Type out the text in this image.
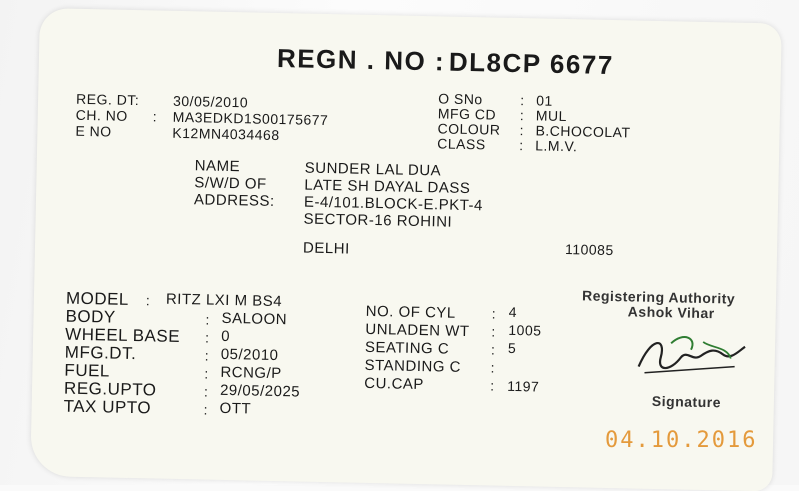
REGN . NO : DL8CP 6677
REG. DT: 30/05/2010
CH. NO : MA3EDKD1S00175677
E NO	K12MN4034468
O SNo	: 01
MFG CD : MUL
COLOUR : B.CHOCOLAT
CLASS : L.M.V.
NAME	SUNDER LAL DUA
S/W/D OF LATE SH DAYAL DASS
ADDRESS: E-4/101.BLOCK-E.PKT-4
SECTOR-16 ROHINI
DELHI	110085
MODEL : RITZ LXI M BS4
BODY	: SALOON
WHEEL BASE : 0
MFG.DT.	: 05/2010
FUEL	: RCNG/P
REG.UPTO	: 29/05/2025
TAX UPTO	: OTT
NO. OF CYL	: 4
UNLADEN WT : 1005
SEATING C	: 5
STANDING C :
CU.CAP	: 1197
Registering Authority
Ashok Vihar
Signature
04.10.2016
